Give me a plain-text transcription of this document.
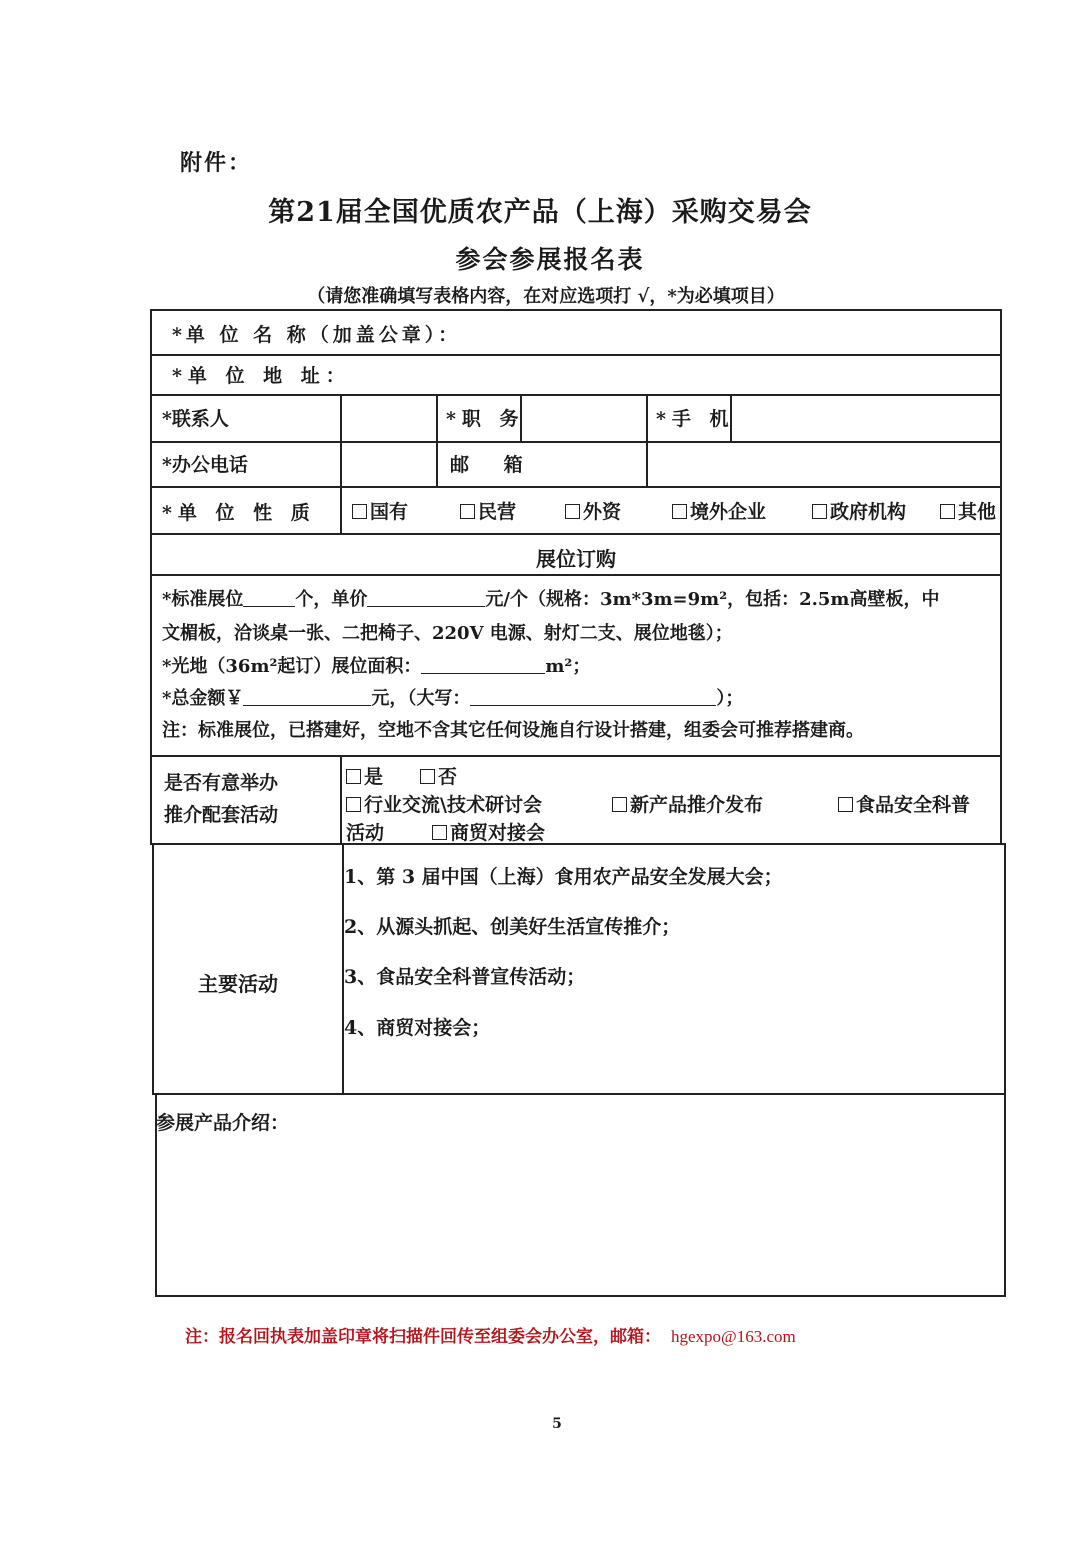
附件：
第21届全国优质农产品（上海）采购交易会
参会参展报名表
（请您准确填写表格内容，在对应选项打 √，*为必填项目）
*单 位 名 称（加盖公章）：
*单 位 地 址：
*联系人	*职 务	*手 机
*办公电话	邮 箱
*单 位 性 质	国有	民营	外资	境外企业	政府机构	其他
展位订购
*标准展位	个，单价	元/个（规格：3m*3m=9m²，包括：2.5m高壁板，中
文楣板，洽谈桌一张、二把椅子、220V 电源、射灯二支、展位地毯）；
*光地（36m²起订）展位面积：	m²；
*总金额￥	元，（大写：	）；
注：标准展位，已搭建好，空地不含其它任何设施自行设计搭建，组委会可推荐搭建商。
是否有意举办
推介配套活动
是	否
行业交流\技术研讨会	新产品推介发布	食品安全科普
活动	商贸对接会
主要活动
1、第 3 届中国（上海）食用农产品安全发展大会；
2、从源头抓起、创美好生活宣传推介；
3、食品安全科普宣传活动；
4、商贸对接会；
参展产品介绍：
注：报名回执表加盖印章将扫描件回传至组委会办公室，邮箱： hgexpo@163.com
5
